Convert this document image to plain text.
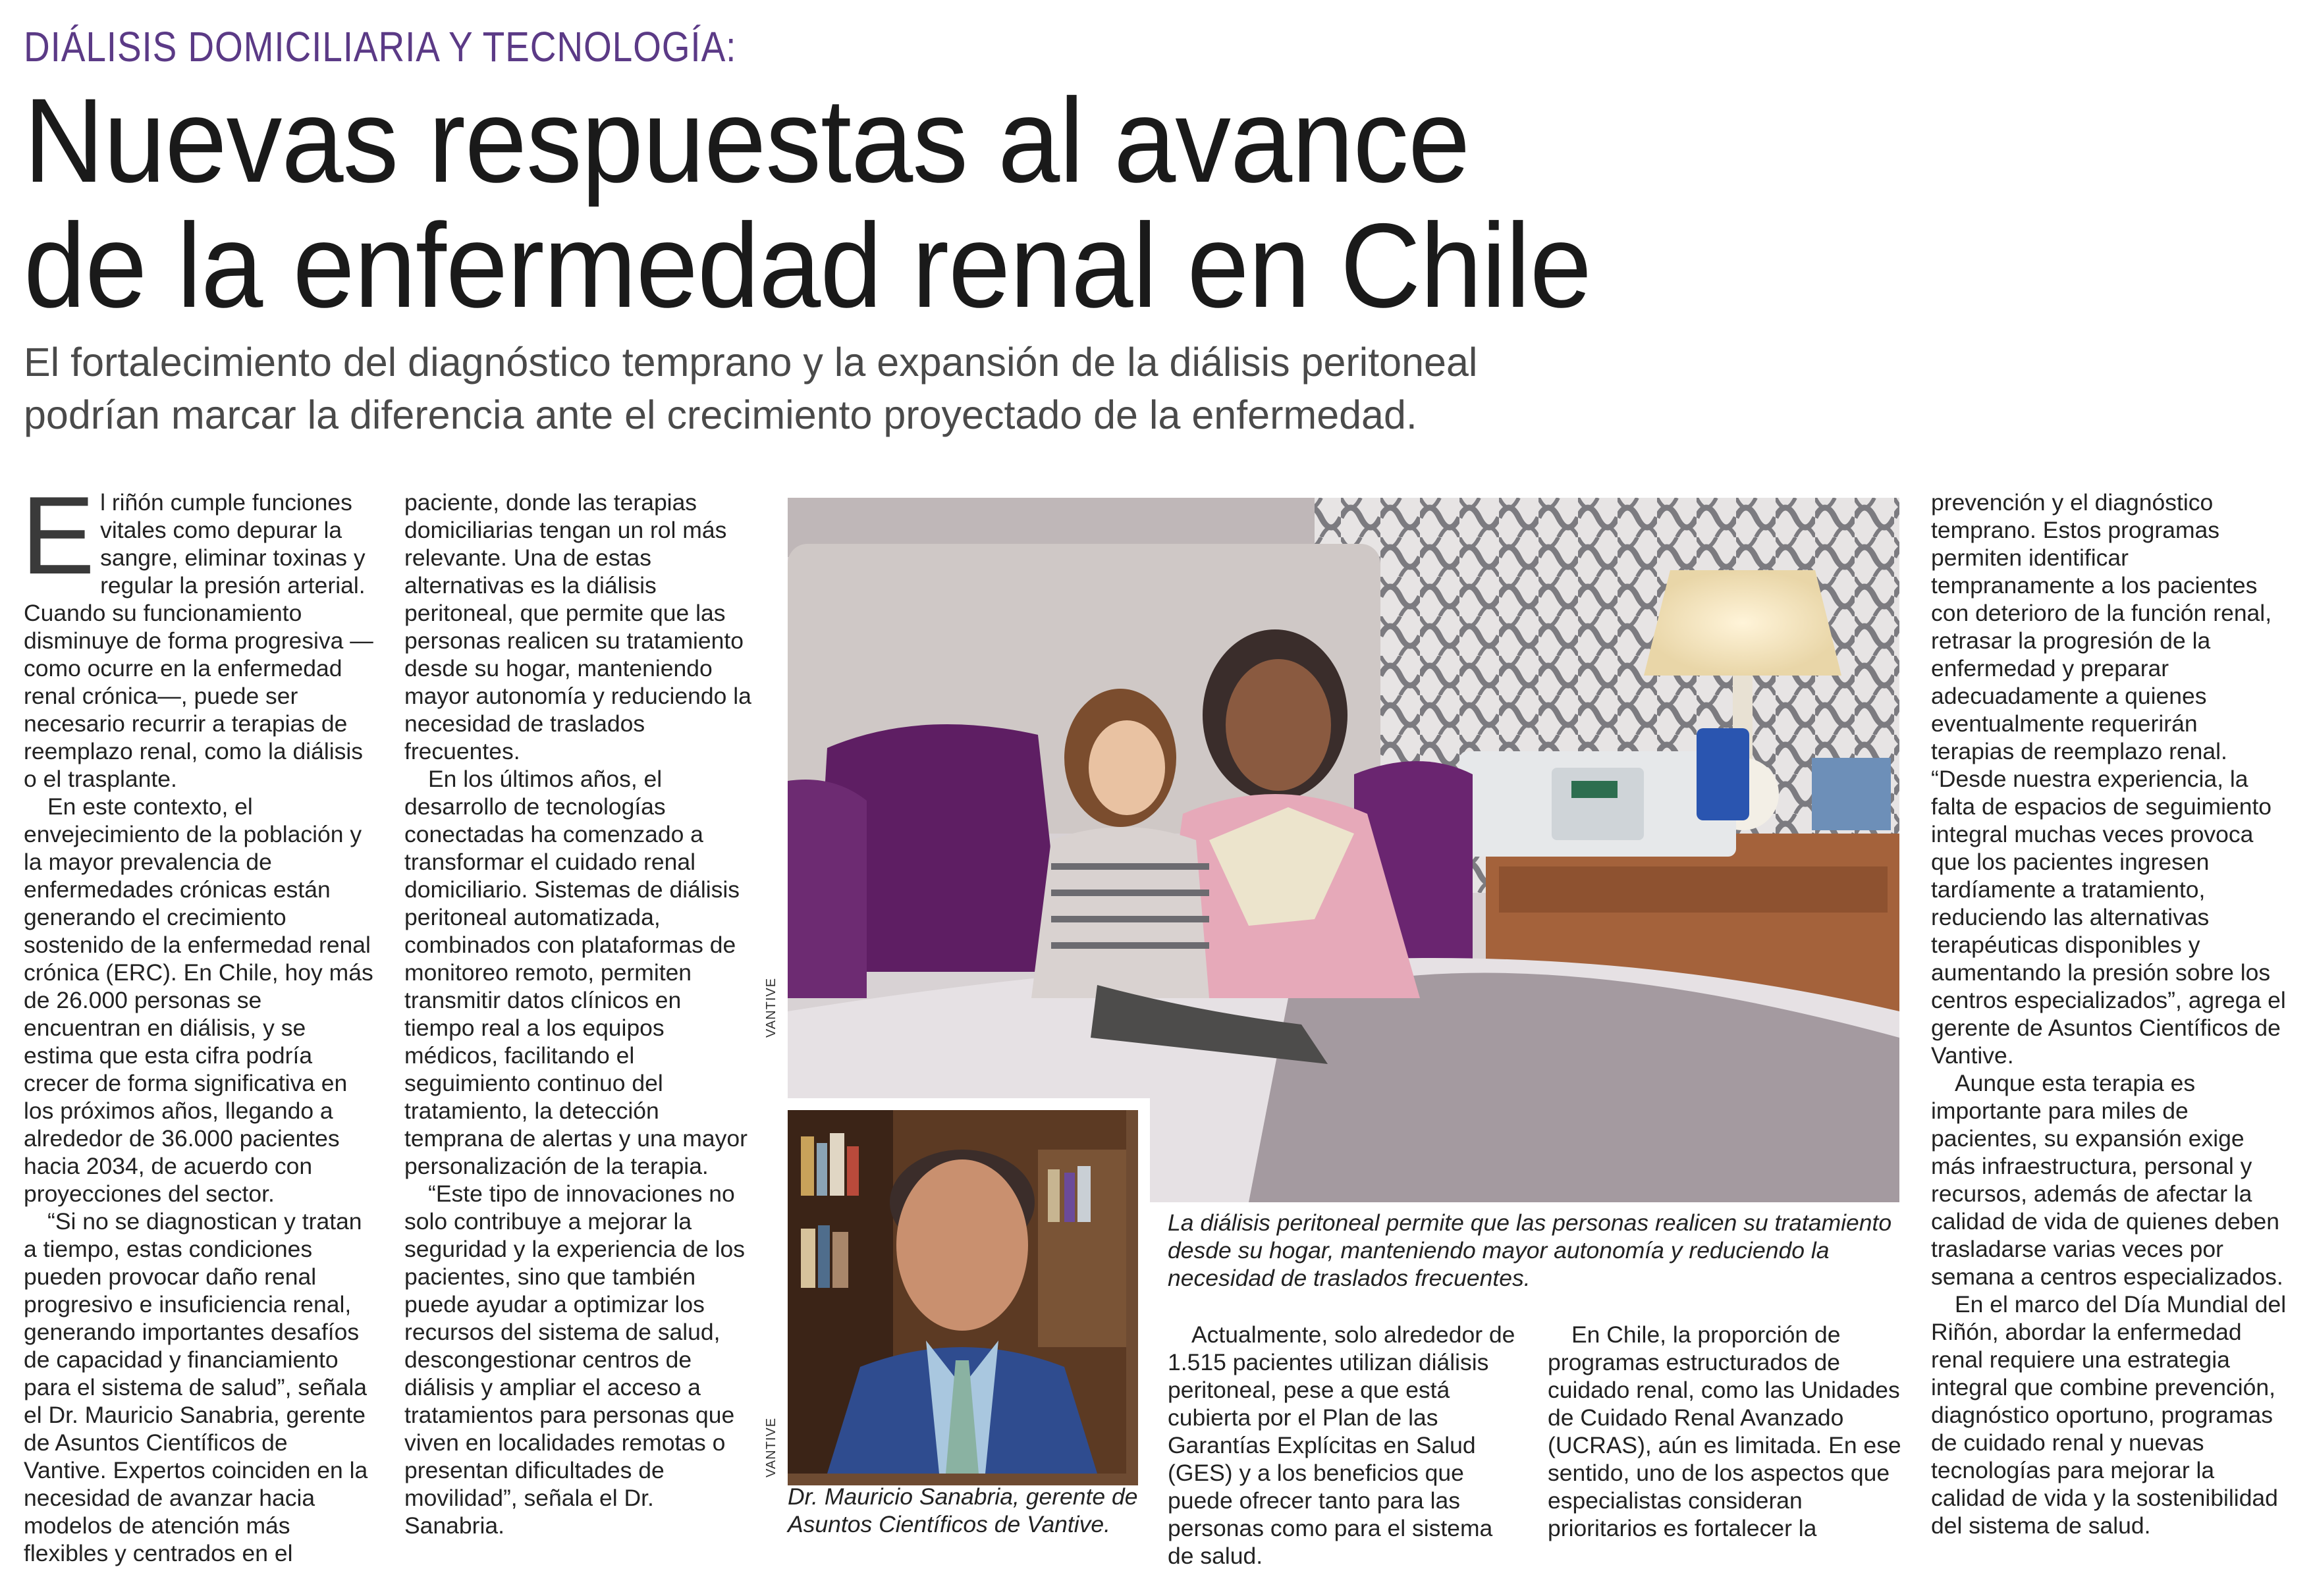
DIÁLISIS DOMICILIARIA Y TECNOLOGÍA:
Nuevas respuestas al avance
de la enfermedad renal en Chile
El fortalecimiento del diagnóstico temprano y la expansión de la diálisis peritoneal
podrían marcar la diferencia ante el crecimiento proyectado de la enfermedad.

El riñón cumple funciones vitales como depurar la sangre, eliminar toxinas y regular la presión arterial. Cuando su funcionamiento disminuye de forma progresiva —como ocurre en la enfermedad renal crónica—, puede ser necesario recurrir a terapias de reemplazo renal, como la diálisis o el trasplante.

En este contexto, el envejecimiento de la población y la mayor prevalencia de enfermedades crónicas están generando el crecimiento sostenido de la enfermedad renal crónica (ERC). En Chile, hoy más de 26.000 personas se encuentran en diálisis, y se estima que esta cifra podría crecer de forma significativa en los próximos años, llegando a alrededor de 36.000 pacientes hacia 2034, de acuerdo con proyecciones del sector.

“Si no se diagnostican y tratan a tiempo, estas condiciones pueden provocar daño renal progresivo e insuficiencia renal, generando importantes desafíos de capacidad y financiamiento para el sistema de salud”, señala el Dr. Mauricio Sanabria, gerente de Asuntos Científicos de Vantive. Expertos coinciden en la necesidad de avanzar hacia modelos de atención más flexibles y centrados en el

paciente, donde las terapias domiciliarias tengan un rol más relevante. Una de estas alternativas es la diálisis peritoneal, que permite que las personas realicen su tratamiento desde su hogar, manteniendo mayor autonomía y reduciendo la necesidad de traslados frecuentes.

En los últimos años, el desarrollo de tecnologías conectadas ha comenzado a transformar el cuidado renal domiciliario. Sistemas de diálisis peritoneal automatizada, combinados con plataformas de monitoreo remoto, permiten transmitir datos clínicos en tiempo real a los equipos médicos, facilitando el seguimiento continuo del tratamiento, la detección temprana de alertas y una mayor personalización de la terapia.

“Este tipo de innovaciones no solo contribuye a mejorar la seguridad y la experiencia de los pacientes, sino que también puede ayudar a optimizar los recursos del sistema de salud, descongestionar centros de diálisis y ampliar el acceso a tratamientos para personas que viven en localidades remotas o presentan dificultades de movilidad”, señala el Dr. Sanabria.

VANTIVE
VANTIVE
La diálisis peritoneal permite que las personas realicen su tratamiento desde su hogar, manteniendo mayor autonomía y reduciendo la necesidad de traslados frecuentes.
Dr. Mauricio Sanabria, gerente de Asuntos Científicos de Vantive.

Actualmente, solo alrededor de 1.515 pacientes utilizan diálisis peritoneal, pese a que está cubierta por el Plan de las Garantías Explícitas en Salud (GES) y a los beneficios que puede ofrecer tanto para las personas como para el sistema de salud.

En Chile, la proporción de programas estructurados de cuidado renal, como las Unidades de Cuidado Renal Avanzado (UCRAS), aún es limitada. En ese sentido, uno de los aspectos que especialistas consideran prioritarios es fortalecer la

prevención y el diagnóstico temprano. Estos programas permiten identificar tempranamente a los pacientes con deterioro de la función renal, retrasar la progresión de la enfermedad y preparar adecuadamente a quienes eventualmente requerirán terapias de reemplazo renal. “Desde nuestra experiencia, la falta de espacios de seguimiento integral muchas veces provoca que los pacientes ingresen tardíamente a tratamiento, reduciendo las alternativas terapéuticas disponibles y aumentando la presión sobre los centros especializados”, agrega el gerente de Asuntos Científicos de Vantive.

Aunque esta terapia es importante para miles de pacientes, su expansión exige más infraestructura, personal y recursos, además de afectar la calidad de vida de quienes deben trasladarse varias veces por semana a centros especializados.

En el marco del Día Mundial del Riñón, abordar la enfermedad renal requiere una estrategia integral que combine prevención, diagnóstico oportuno, programas de cuidado renal y nuevas tecnologías para mejorar la calidad de vida y la sostenibilidad del sistema de salud.
